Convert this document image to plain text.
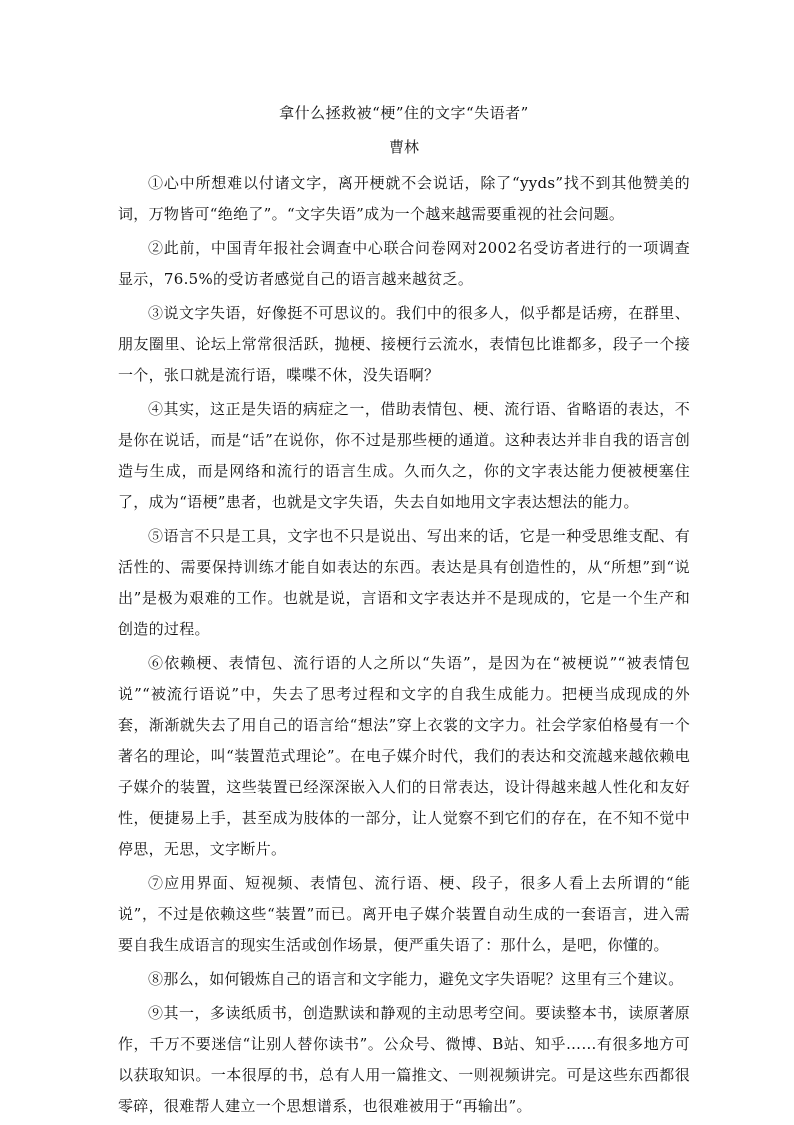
拿什么拯救被“梗”住的文字“失语者”
曹林

①心中所想难以付诸文字，离开梗就不会说话，除了“yyds”找不到其他赞美的词，万物皆可“绝绝了”。“文字失语”成为一个越来越需要重视的社会问题。

②此前，中国青年报社会调查中心联合问卷网对2002名受访者进行的一项调查显示，76.5%的受访者感觉自己的语言越来越贫乏。

③说文字失语，好像挺不可思议的。我们中的很多人，似乎都是话痨，在群里、朋友圈里、论坛上常常很活跃，抛梗、接梗行云流水，表情包比谁都多，段子一个接一个，张口就是流行语，喋喋不休，没失语啊？

④其实，这正是失语的病症之一，借助表情包、梗、流行语、省略语的表达，不是你在说话，而是“话”在说你，你不过是那些梗的通道。这种表达并非自我的语言创造与生成，而是网络和流行的语言生成。久而久之，你的文字表达能力便被梗塞住了，成为“语梗”患者，也就是文字失语，失去自如地用文字表达想法的能力。

⑤语言不只是工具，文字也不只是说出、写出来的话，它是一种受思维支配、有活性的、需要保持训练才能自如表达的东西。表达是具有创造性的，从“所想”到“说出”是极为艰难的工作。也就是说，言语和文字表达并不是现成的，它是一个生产和创造的过程。

⑥依赖梗、表情包、流行语的人之所以“失语”，是因为在“被梗说”“被表情包说”“被流行语说”中，失去了思考过程和文字的自我生成能力。把梗当成现成的外套，渐渐就失去了用自己的语言给“想法”穿上衣裳的文字力。社会学家伯格曼有一个著名的理论，叫“装置范式理论”。在电子媒介时代，我们的表达和交流越来越依赖电子媒介的装置，这些装置已经深深嵌入人们的日常表达，设计得越来越人性化和友好性，便捷易上手，甚至成为肢体的一部分，让人觉察不到它们的存在，在不知不觉中停思，无思，文字断片。

⑦应用界面、短视频、表情包、流行语、梗、段子，很多人看上去所谓的“能说”，不过是依赖这些“装置”而已。离开电子媒介装置自动生成的一套语言，进入需要自我生成语言的现实生活或创作场景，便严重失语了：那什么，是吧，你懂的。

⑧那么，如何锻炼自己的语言和文字能力，避免文字失语呢？这里有三个建议。

⑨其一，多读纸质书，创造默读和静观的主动思考空间。要读整本书，读原著原作，千万不要迷信“让别人替你读书”。公众号、微博、B站、知乎……有很多地方可以获取知识。一本很厚的书，总有人用一篇推文、一则视频讲完。可是这些东西都很零碎，很难帮人建立一个思想谱系，也很难被用于“再输出”。
